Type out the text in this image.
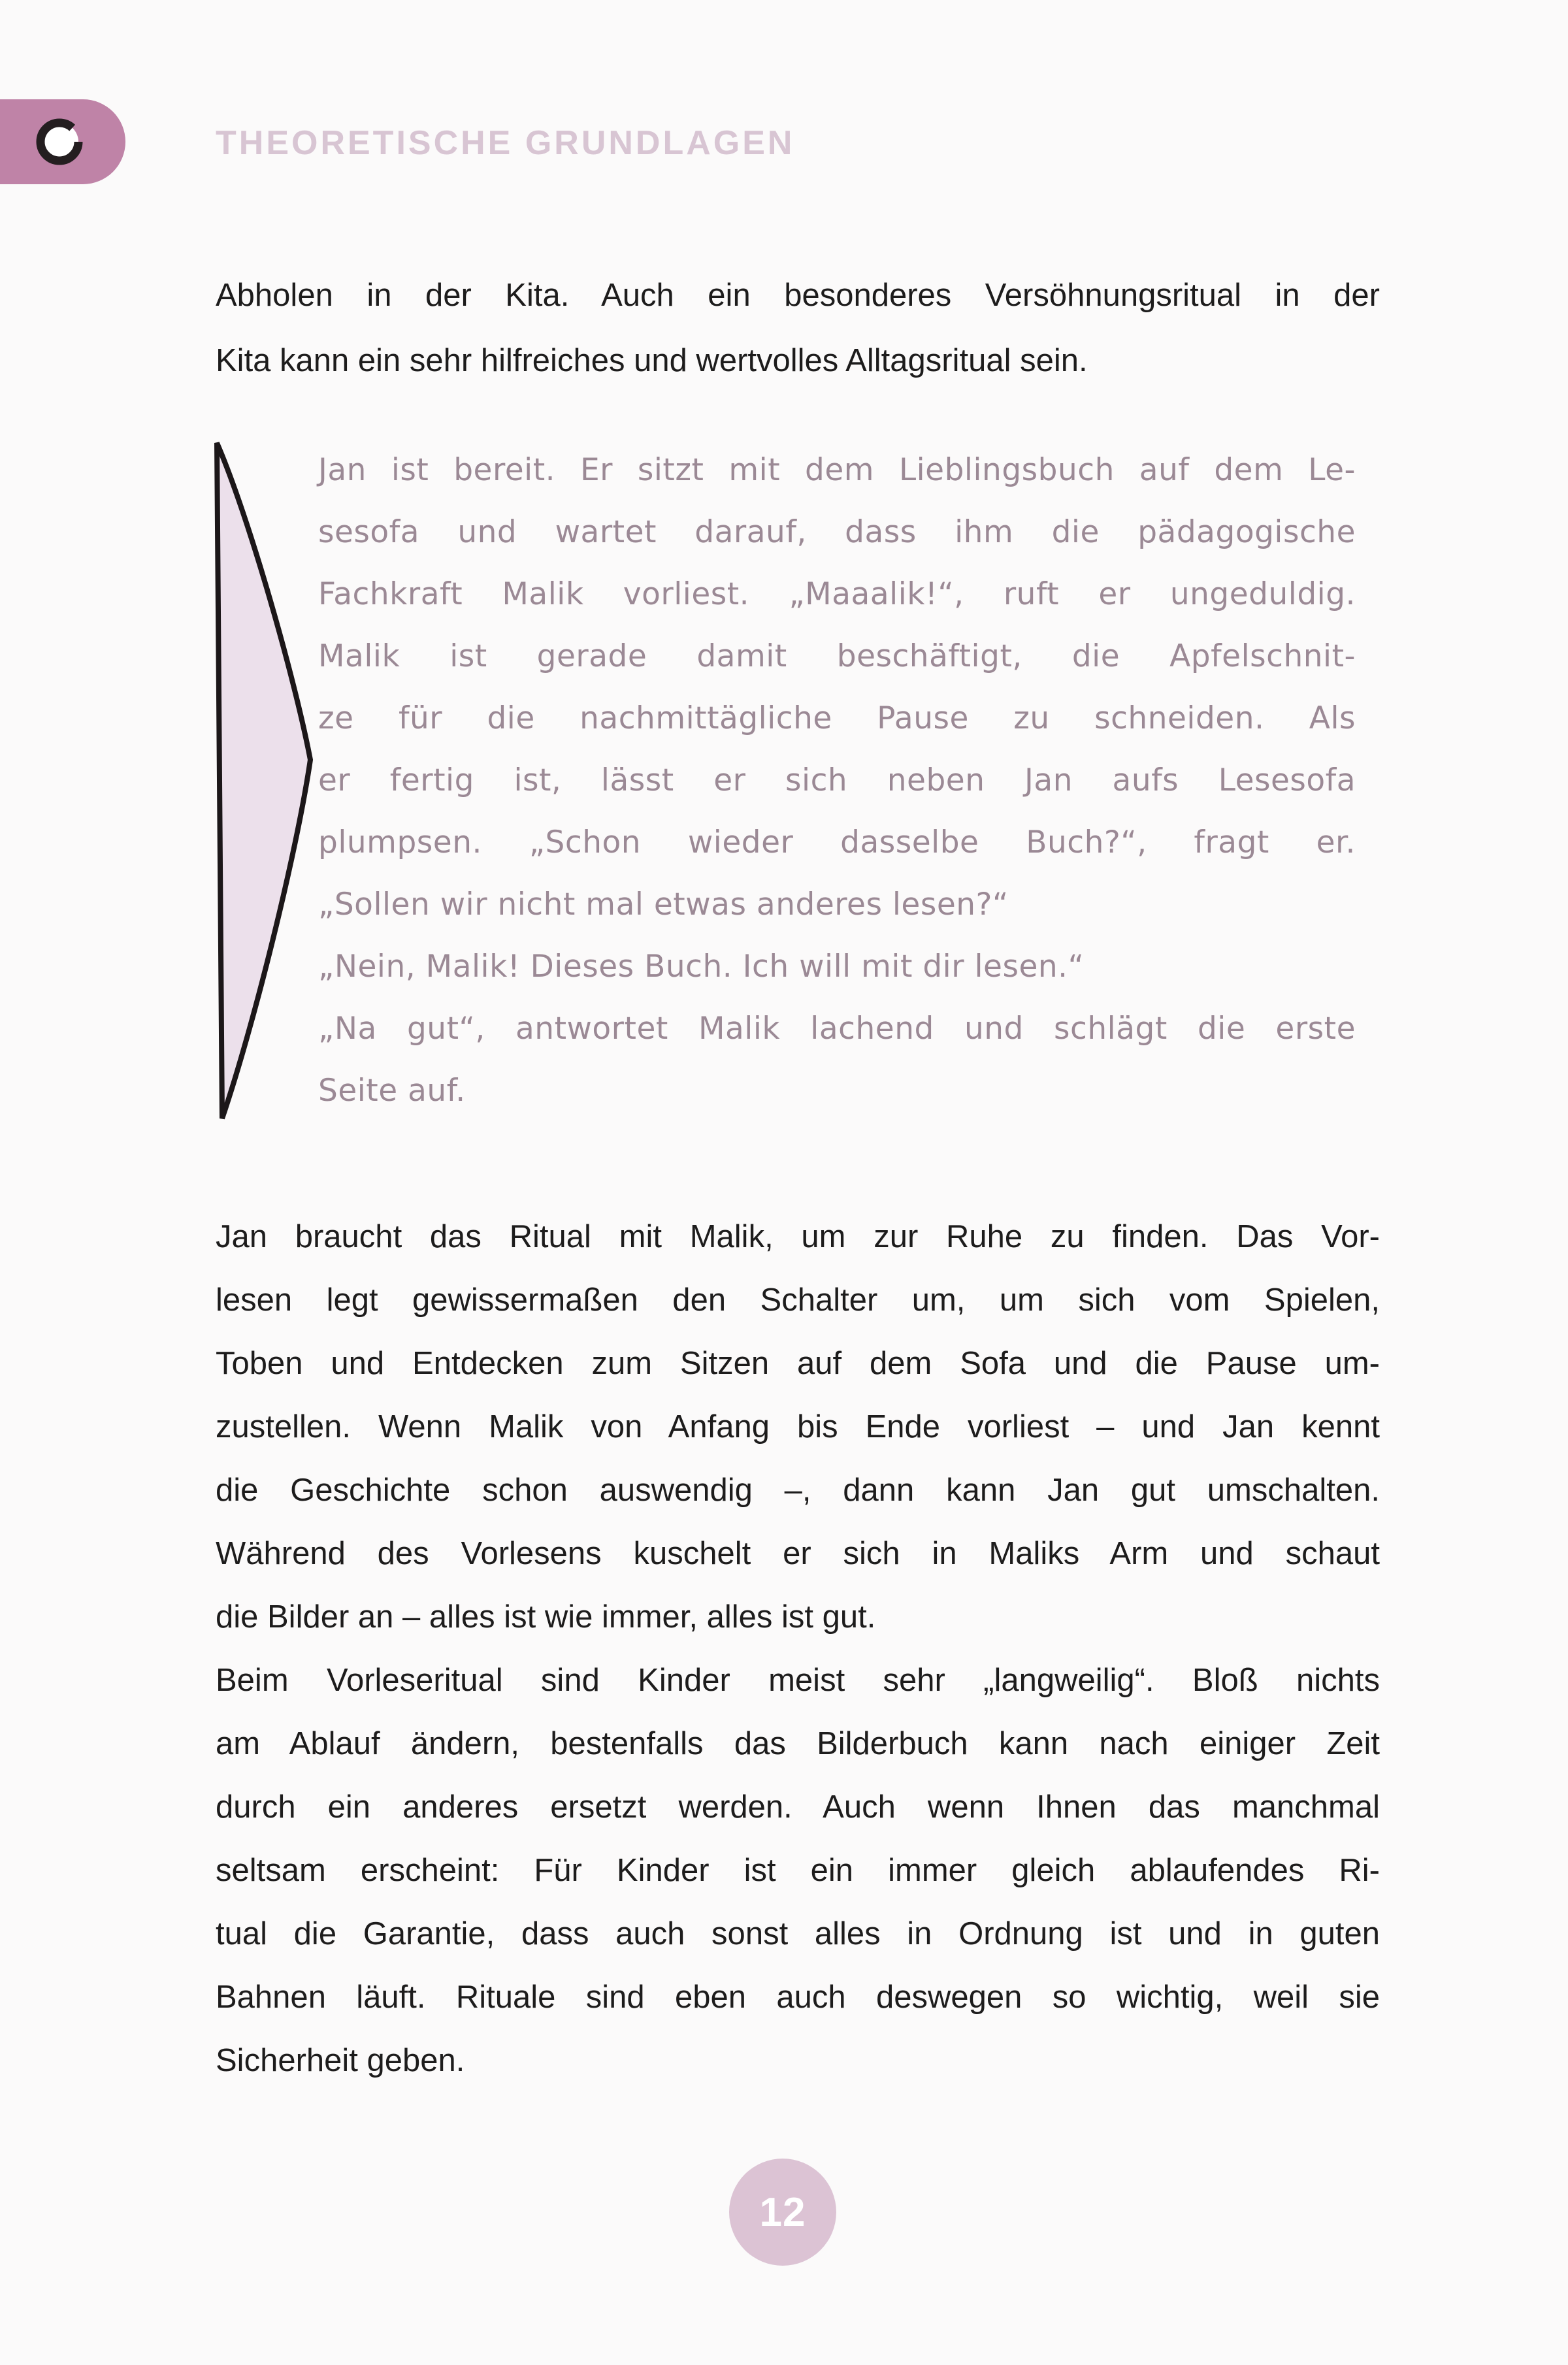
THEORETISCHE GRUNDLAGEN
Abholen in der Kita. Auch ein besonderes Versöhnungsritual in der
Kita kann ein sehr hilfreiches und wertvolles Alltagsritual sein.
Jan ist bereit. Er sitzt mit dem Lieblingsbuch auf dem Le-
sesofa und wartet darauf, dass ihm die pädagogische
Fachkraft Malik vorliest. „Maaalik!“, ruft er ungeduldig.
Malik ist gerade damit beschäftigt, die Apfelschnit-
ze für die nachmittägliche Pause zu schneiden. Als
er fertig ist, lässt er sich neben Jan aufs Lesesofa
plumpsen. „Schon wieder dasselbe Buch?“, fragt er.
„Sollen wir nicht mal etwas anderes lesen?“
„Nein, Malik! Dieses Buch. Ich will mit dir lesen.“
„Na gut“, antwortet Malik lachend und schlägt die erste
Seite auf.
Jan braucht das Ritual mit Malik, um zur Ruhe zu finden. Das Vor-
lesen legt gewissermaßen den Schalter um, um sich vom Spielen,
Toben und Entdecken zum Sitzen auf dem Sofa und die Pause um-
zustellen. Wenn Malik von Anfang bis Ende vorliest – und Jan kennt
die Geschichte schon auswendig –, dann kann Jan gut umschalten.
Während des Vorlesens kuschelt er sich in Maliks Arm und schaut
die Bilder an – alles ist wie immer, alles ist gut.
Beim Vorleseritual sind Kinder meist sehr „langweilig“. Bloß nichts
am Ablauf ändern, bestenfalls das Bilderbuch kann nach einiger Zeit
durch ein anderes ersetzt werden. Auch wenn Ihnen das manchmal
seltsam erscheint: Für Kinder ist ein immer gleich ablaufendes Ri-
tual die Garantie, dass auch sonst alles in Ordnung ist und in guten
Bahnen läuft. Rituale sind eben auch deswegen so wichtig, weil sie
Sicherheit geben.
12
